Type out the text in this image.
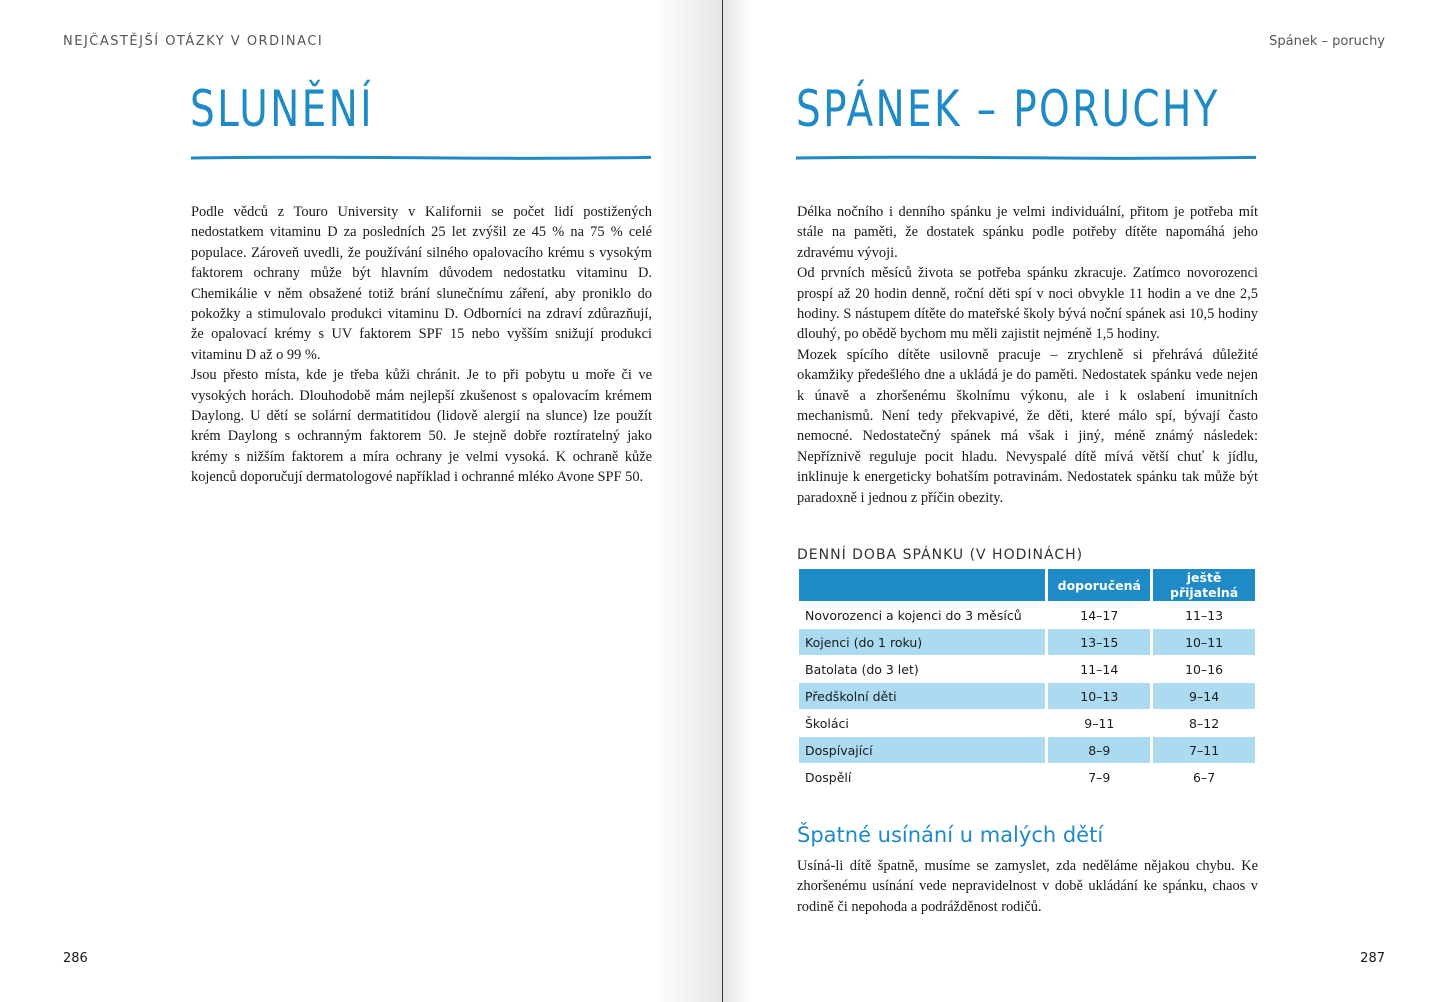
NEJČASTĚJŠÍ OTÁZKY V ORDINACI
SLUNĚNÍ

Podle vědců z Touro University v Kalifornii se počet lidí postižených nedostatkem vitaminu D za posledních 25 let zvýšil ze 45 % na 75 % celé populace. Zároveň uvedli, že používání silného opalovacího krému s vysokým faktorem ochrany může být hlavním důvodem nedostatku vitaminu D. Chemikálie v něm obsažené totiž brání slunečnímu záření, aby proniklo do pokožky a stimulovalo produkci vitaminu D. Odborníci na zdraví zdůrazňují, že opalovací krémy s UV faktorem SPF 15 nebo vyšším snižují produkci vitaminu D až o 99 %.

Jsou přesto místa, kde je třeba kůži chránit. Je to při pobytu u moře či ve vysokých horách. Dlouhodobě mám nejlepší zkušenost s opalovacím krémem Daylong. U dětí se solární dermatitidou (lidově alergií na slunce) lze použít krém Daylong s ochranným faktorem 50. Je stejně dobře roztíratelný jako krémy s nižším faktorem a míra ochrany je velmi vysoká. K ochraně kůže kojenců doporučují dermatologové například i ochranné mléko Avone SPF 50.

286
Spánek – poruchy
SPÁNEK – PORUCHY

Délka nočního i denního spánku je velmi individuální, přitom je potřeba mít stále na paměti, že dostatek spánku podle potřeby dítěte napomáhá jeho zdravému vývoji.

Od prvních měsíců života se potřeba spánku zkracuje. Zatímco novorozenci prospí až 20 hodin denně, roční děti spí v noci obvykle 11 hodin a ve dne 2,5 hodiny. S nástupem dítěte do mateřské školy bývá noční spánek asi 10,5 hodiny dlouhý, po obědě bychom mu měli zajistit nejméně 1,5 hodiny.

Mozek spícího dítěte usilovně pracuje – zrychleně si přehrává důležité okamžiky předešlého dne a ukládá je do paměti. Nedostatek spánku vede nejen k únavě a zhoršenému školnímu výkonu, ale i k oslabení imunitních mechanismů. Není tedy překvapivé, že děti, které málo spí, bývají často nemocné. Nedostatečný spánek má však i jiný, méně známý následek: Nepříznivě reguluje pocit hladu. Nevyspalé dítě mívá větší chuť k jídlu, inklinuje k energeticky bohatším potravinám. Nedostatek spánku tak může být paradoxně i jednou z příčin obezity.

DENNÍ DOBA SPÁNKU (V HODINÁCH)
	doporučená	ještě přijatelná
Novorozenci a kojenci do 3 měsíců	14–17	11–13
Kojenci (do 1 roku)	13–15	10–11
Batolata (do 3 let)	11–14	10–16
Předškolní děti	10–13	9–14
Školáci	9–11	8–12
Dospívající	8–9	7–11
Dospělí	7–9	6–7
Špatné usínání u malých dětí

Usíná-li dítě špatně, musíme se zamyslet, zda neděláme nějakou chybu. Ke zhoršenému usínání vede nepravidelnost v době ukládání ke spánku, chaos v rodině či nepohoda a podrážděnost rodičů.

287
